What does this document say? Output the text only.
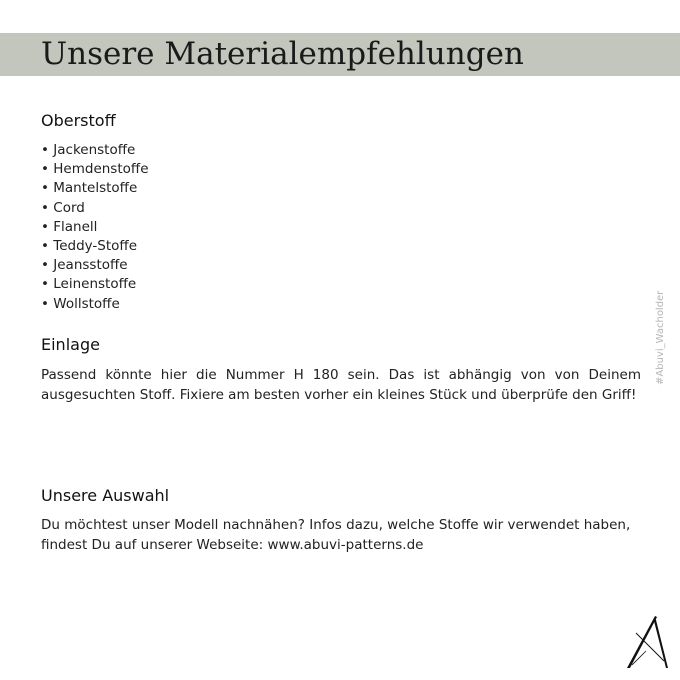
Unsere Materialempfehlungen
Oberstoff
• Jackenstoffe
• Hemdenstoffe
• Mantelstoffe
• Cord
• Flanell
• Teddy-Stoffe
• Jeansstoffe
• Leinenstoffe
• Wollstoffe
Einlage

Passend könnte hier die Nummer H 180 sein. Das ist abhängig von von Deinem ausgesuchten Stoff. Fixiere am besten vorher ein kleines Stück und überprüfe den Griff!

Unsere Auswahl

Du möchtest unser Modell nachnähen? Infos dazu, welche Stoffe wir verwendet haben, findest Du auf unserer Webseite: www.abuvi-patterns.de

#Abuvi_Wacholder
